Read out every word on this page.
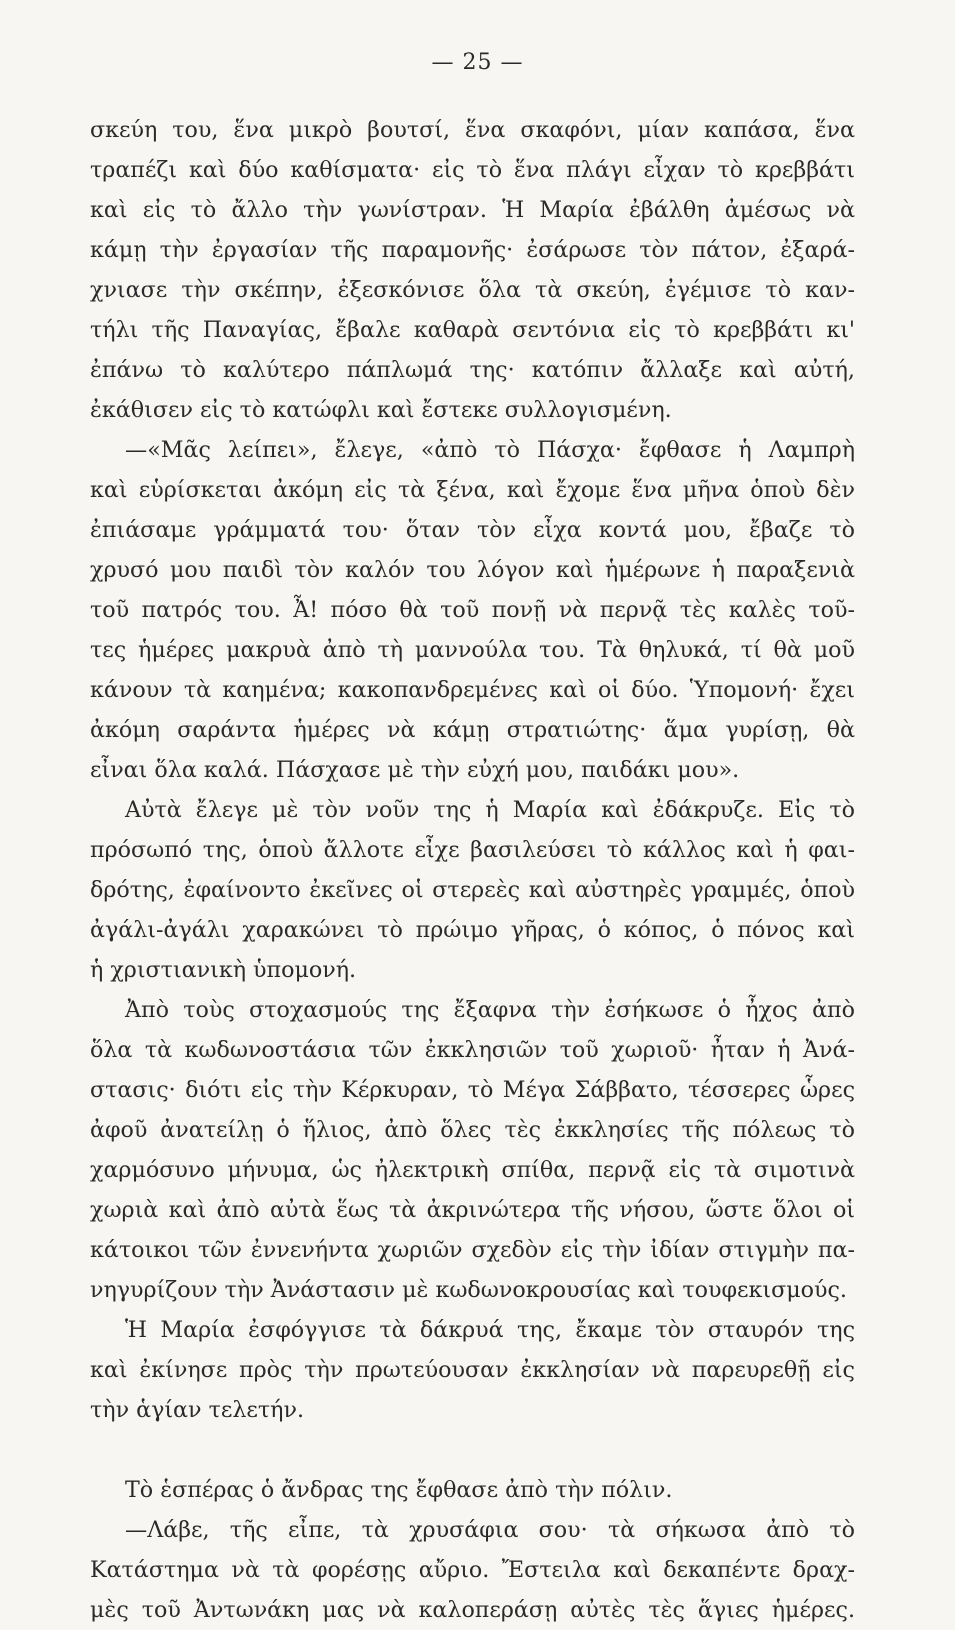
— 25 —
σκεύη του, ἕνα μικρὸ βουτσί, ἕνα σκαφόνι, μίαν καπάσα, ἕνα
τραπέζι καὶ δύο καθίσματα· εἰς τὸ ἕνα πλάγι εἶχαν τὸ κρεββάτι
καὶ εἰς τὸ ἄλλο τὴν γωνίστραν. Ἡ Μαρία ἐβάλθη ἀμέσως νὰ
κάμῃ τὴν ἐργασίαν τῆς παραμονῆς· ἐσάρωσε τὸν πάτον, ἐξαρά-
χνιασε τὴν σκέπην, ἐξεσκόνισε ὅλα τὰ σκεύη, ἐγέμισε τὸ καν-
τήλι τῆς Παναγίας, ἔβαλε καθαρὰ σεντόνια εἰς τὸ κρεββάτι κι'
ἐπάνω τὸ καλύτερο πάπλωμά της· κατόπιν ἄλλαξε καὶ αὐτή,
ἐκάθισεν εἰς τὸ κατώφλι καὶ ἔστεκε συλλογισμένη.
—«Μᾶς λείπει», ἔλεγε, «ἀπὸ τὸ Πάσχα· ἔφθασε ἡ Λαμπρὴ
καὶ εὑρίσκεται ἀκόμη εἰς τὰ ξένα, καὶ ἔχομε ἕνα μῆνα ὁποὺ δὲν
ἐπιάσαμε γράμματά του· ὅταν τὸν εἶχα κοντά μου, ἔβαζε τὸ
χρυσό μου παιδὶ τὸν καλόν του λόγον καὶ ἡμέρωνε ἡ παραξενιὰ
τοῦ πατρός του. Ἆ! πόσο θὰ τοῦ πονῇ νὰ περνᾷ τὲς καλὲς τοῦ-
τες ἡμέρες μακρυὰ ἀπὸ τὴ μαννούλα του. Τὰ θηλυκά, τί θὰ μοῦ
κάνουν τὰ καημένα; κακοπανδρεμένες καὶ οἱ δύο. Ὑπομονή· ἔχει
ἀκόμη σαράντα ἡμέρες νὰ κάμῃ στρατιώτης· ἅμα γυρίσῃ, θὰ
εἶναι ὅλα καλά. Πάσχασε μὲ τὴν εὐχή μου, παιδάκι μου».
Αὐτὰ ἔλεγε μὲ τὸν νοῦν της ἡ Μαρία καὶ ἐδάκρυζε. Εἰς τὸ
πρόσωπό της, ὁποὺ ἄλλοτε εἶχε βασιλεύσει τὸ κάλλος καὶ ἡ φαι-
δρότης, ἐφαίνοντο ἐκεῖνες οἱ στερεὲς καὶ αὐστηρὲς γραμμές, ὁποὺ
ἀγάλι-ἀγάλι χαρακώνει τὸ πρώιμο γῆρας, ὁ κόπος, ὁ πόνος καὶ
ἡ χριστιανικὴ ὑπομονή.
Ἀπὸ τοὺς στοχασμούς της ἔξαφνα τὴν ἐσήκωσε ὁ ἦχος ἀπὸ
ὅλα τὰ κωδωνοστάσια τῶν ἐκκλησιῶν τοῦ χωριοῦ· ἦταν ἡ Ἀνά-
στασις· διότι εἰς τὴν Κέρκυραν, τὸ Μέγα Σάββατο, τέσσερες ὧρες
ἀφοῦ ἀνατείλῃ ὁ ἥλιος, ἀπὸ ὅλες τὲς ἐκκλησίες τῆς πόλεως τὸ
χαρμόσυνο μήνυμα, ὡς ἠλεκτρικὴ σπίθα, περνᾷ εἰς τὰ σιμοτινὰ
χωριὰ καὶ ἀπὸ αὐτὰ ἕως τὰ ἀκρινώτερα τῆς νήσου, ὥστε ὅλοι οἱ
κάτοικοι τῶν ἐννενήντα χωριῶν σχεδὸν εἰς τὴν ἰδίαν στιγμὴν πα-
νηγυρίζουν τὴν Ἀνάστασιν μὲ κωδωνοκρουσίας καὶ τουφεκισμούς.
Ἡ Μαρία ἐσφόγγισε τὰ δάκρυά της, ἔκαμε τὸν σταυρόν της
καὶ ἐκίνησε πρὸς τὴν πρωτεύουσαν ἐκκλησίαν νὰ παρευρεθῇ εἰς
τὴν ἁγίαν τελετήν.
Τὸ ἑσπέρας ὁ ἄνδρας της ἔφθασε ἀπὸ τὴν πόλιν.
—Λάβε, τῆς εἶπε, τὰ χρυσάφια σου· τὰ σήκωσα ἀπὸ τὸ
Κατάστημα νὰ τὰ φορέσῃς αὔριο. Ἔστειλα καὶ δεκαπέντε δραχ-
μὲς τοῦ Ἀντωνάκη μας νὰ καλοπεράσῃ αὐτὲς τὲς ἅγιες ἡμέρες.
